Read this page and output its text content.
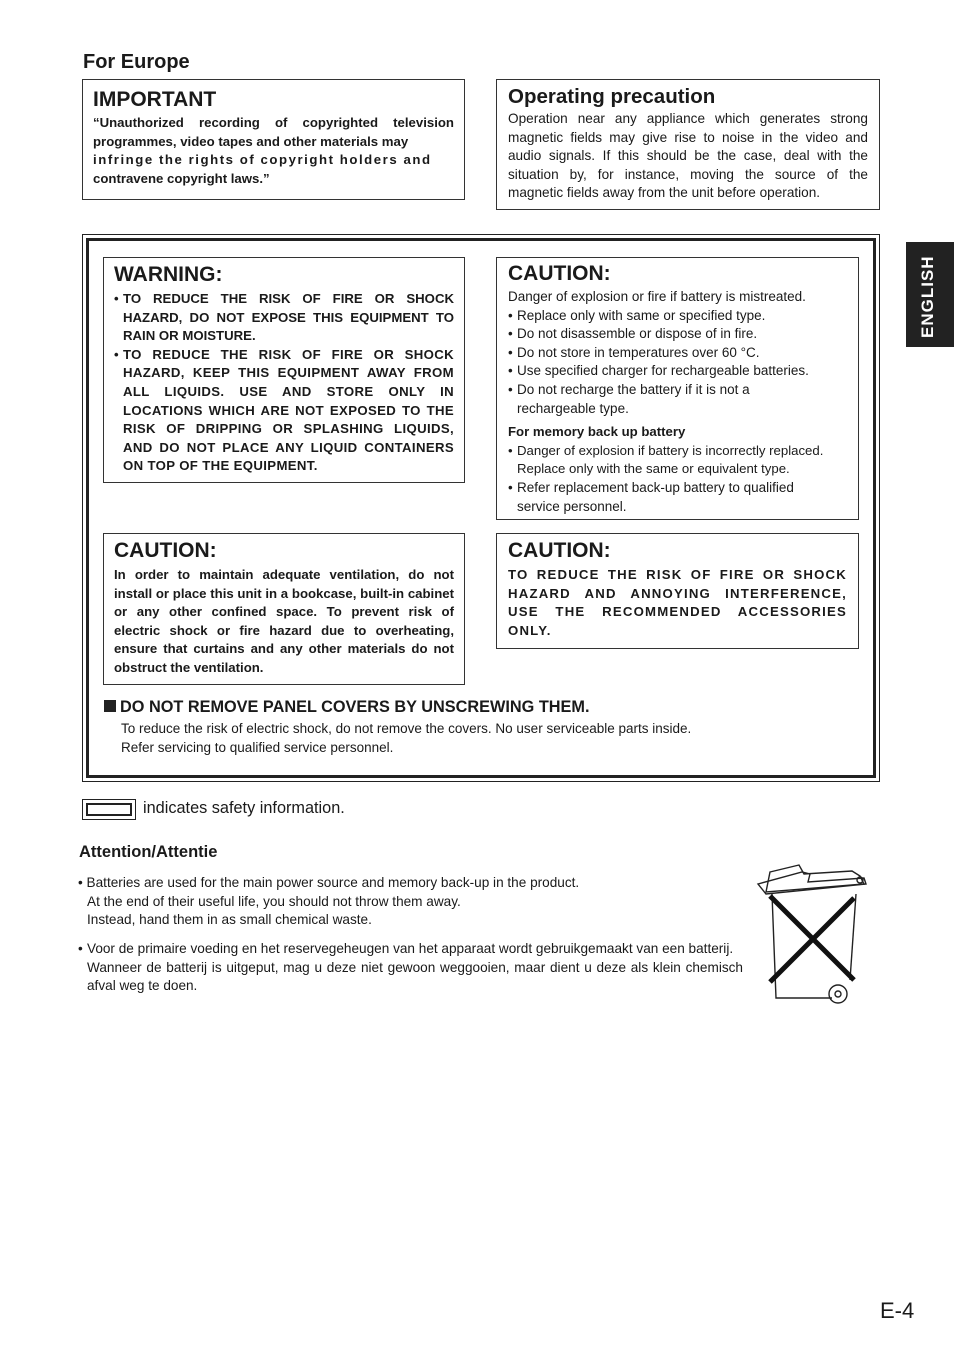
For Europe
IMPORTANT
“Unauthorized recording of copyrighted television programmes, video tapes and other materials may
infringe the rights of copyright holders and
contravene copyright laws.”
Operating precaution
Operation near any appliance which generates strong magnetic fields may give rise to noise in the video and audio signals. If this should be the case, deal with the situation by, for instance, moving the source of the magnetic fields away from the unit before operation.
ENGLISH
WARNING:
• TO REDUCE THE RISK OF FIRE OR SHOCK HAZARD, DO NOT EXPOSE THIS EQUIPMENT TO RAIN OR MOISTURE.
• TO REDUCE THE RISK OF FIRE OR SHOCK HAZARD, KEEP THIS EQUIPMENT AWAY FROM ALL LIQUIDS. USE AND STORE ONLY IN LOCATIONS WHICH ARE NOT EXPOSED TO THE RISK OF DRIPPING OR SPLASHING LIQUIDS, AND DO NOT PLACE ANY LIQUID CONTAINERS ON TOP OF THE EQUIPMENT.
CAUTION:
Danger of explosion or fire if battery is mistreated.
• Replace only with same or specified type.
• Do not disassemble or dispose of in fire.
• Do not store in temperatures over 60 °C.
• Use specified charger for rechargeable batteries.
• Do not recharge the battery if it is not a rechargeable type.
For memory back up battery
• Danger of explosion if battery is incorrectly replaced. Replace only with the same or equivalent type.
• Refer replacement back-up battery to qualified service personnel.
CAUTION:
In order to maintain adequate ventilation, do not install or place this unit in a bookcase, built-in cabinet or any other confined space. To prevent risk of electric shock or fire hazard due to overheating, ensure that curtains and any other materials do not obstruct the ventilation.
CAUTION:
TO REDUCE THE RISK OF FIRE OR SHOCK HAZARD AND ANNOYING INTERFERENCE, USE THE RECOMMENDED ACCESSORIES ONLY.
DO NOT REMOVE PANEL COVERS BY UNSCREWING THEM.
To reduce the risk of electric shock, do not remove the covers. No user serviceable parts inside.
Refer servicing to qualified service personnel.
indicates safety information.
Attention/Attentie
• Batteries are used for the main power source and memory back-up in the product.
At the end of their useful life, you should not throw them away.
Instead, hand them in as small chemical waste.
• Voor de primaire voeding en het reservegeheugen van het apparaat wordt gebruikgemaakt van een batterij.
Wanneer de batterij is uitgeput, mag u deze niet gewoon weggooien, maar dient u deze als klein chemisch afval weg te doen.
E-4
